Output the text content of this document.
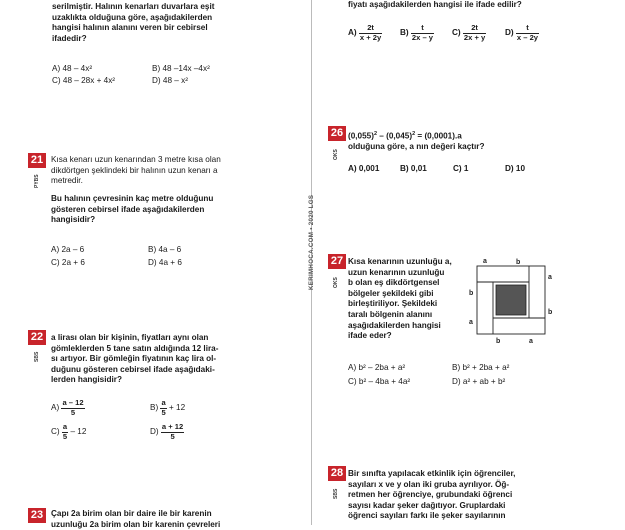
serilmiştir. Halının kenarları duvarlara eşit
uzaklıkta olduğuna göre, aşağıdakilerden
hangisi halının alanını veren bir cebirsel
ifadedir?
A) 48 – 4x²	B) 48 –14x –4x²
C) 48 – 28x + 4x²	D) 48 – x²
21
PYBS
Kısa kenarı uzun kenarından 3 metre kısa olan
dikdörtgen şeklindeki bir halının uzun kenarı a
metredir.
Bu halının çevresinin kaç metre olduğunu
gösteren cebirsel ifade aşağıdakilerden
hangisidir?
A) 2a – 6	B) 4a – 6
C) 2a + 6	D) 4a + 6
22
SBS
a lirası olan bir kişinin, fiyatları aynı olan
gömleklerden 5 tane satın aldığında 12 lira-
sı artıyor. Bir gömleğin fiyatının kaç lira ol-
duğunu gösteren cebirsel ifade aşağıdaki-
lerden hangisidir?
$A) \frac{a - 12}{5}$	$B) \frac{a}{5} + 12$
$C) \frac{a}{5} - 12$	$D) \frac{a + 12}{5}$
23 Çapı 2a birim olan bir daire ile bir karenin
uzunluğu 2a birim olan bir karenin çevreleri
KERIMHOCA.COM • 2020 LGS
fiyatı aşağıdakilerden hangisi ile ifade edilir?
$A) \frac{2t}{x + 2y} B) \frac{t}{2x - y} C) \frac{2t}{2x + y} D) \frac{t}{x - 2y}$
26
OKS
$(0,055)^2 - (0,045)^2 = (0,0001).a$
olduğuna göre, a nın değeri kaçtır?
A) 0,001	B) 0,01	C) 1	D) 10
27
OKS
Kısa kenarının uzunluğu a,
uzun kenarının uzunluğu
b olan eş dikdörtgensel
bölgeler şekildeki gibi
birleştiriliyor. Şekildeki
taralı bölgenin alanını
aşağıdakilerden hangisi
ifade eder?
a	b
a
b
b
a
b	a
A) b² – 2ba + a²	B) b² + 2ba + a²
C) b² – 4ba + 4a²	D) a² + ab + b²
28
SBS
Bir sınıfta yapılacak etkinlik için öğrenciler,
sayıları x ve y olan iki gruba ayrılıyor. Öğ-
retmen her öğrenciye, grubundaki öğrenci
sayısı kadar şeker dağıtıyor. Gruplardaki
öğrenci sayıları farkı ile şeker sayılarının
